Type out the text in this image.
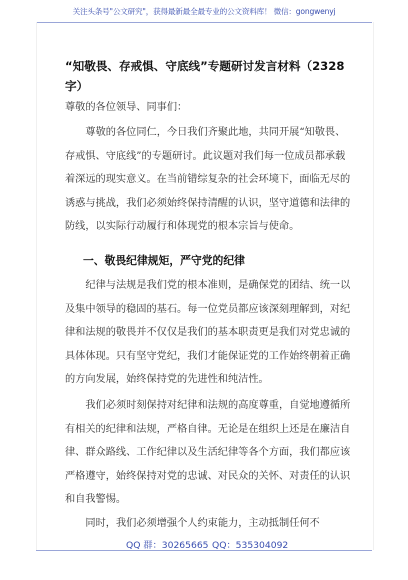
关注头条号"公文研究"，获得最新最全最专业的公文资料库！ 微信：gongwenyj
“知敬畏、存戒惧、守底线”专题研讨发言材料（2328字）
尊敬的各位领导、同事们：
尊敬的各位同仁，今日我们齐聚此地，共同开展“知敬畏、存戒惧、守底线”的专题研讨。此议题对我们每一位成员都承载着深远的现实意义。在当前错综复杂的社会环境下，面临无尽的诱惑与挑战，我们必须始终保持清醒的认识，坚守道德和法律的防线，以实际行动履行和体现党的根本宗旨与使命。
一、敬畏纪律规矩，严守党的纪律
纪律与法规是我们党的根本准则，是确保党的团结、统一以及集中领导的稳固的基石。每一位党员都应该深刻理解到，对纪律和法规的敬畏并不仅仅是我们的基本职责更是我们对党忠诚的具体体现。只有坚守党纪，我们才能保证党的工作始终朝着正确的方向发展，始终保持党的先进性和纯洁性。
我们必须时刻保持对纪律和法规的高度尊重，自觉地遵循所有相关的纪律和法规，严格自律。无论是在组织上还是在廉洁自律、群众路线、工作纪律以及生活纪律等各个方面，我们都应该严格遵守，始终保持对党的忠诚、对民众的关怀、对责任的认识和自我警惕。
同时，我们必须增强个人约束能力，主动抵制任何不
QQ 群：30265665 QQ：535304092
